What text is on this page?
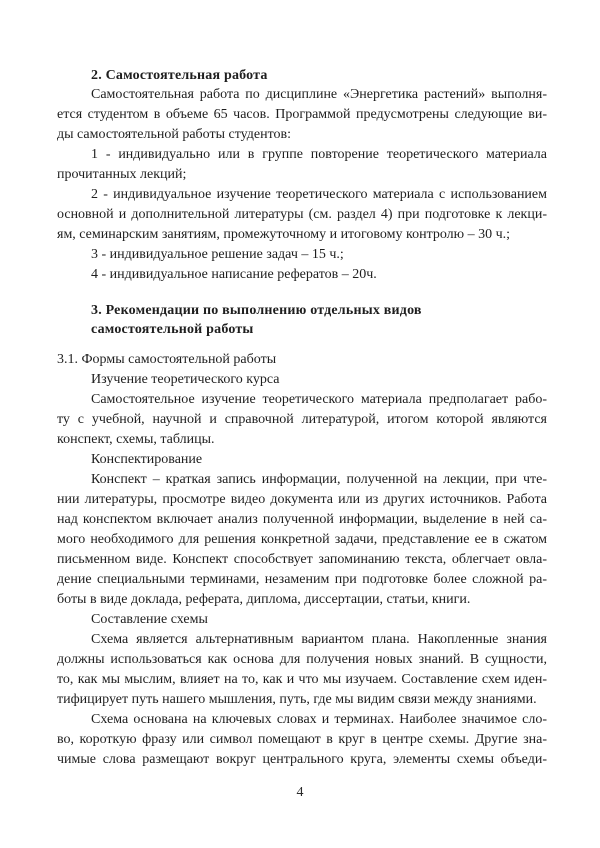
2. Самостоятельная работа
Самостоятельная работа по дисциплине «Энергетика растений» выполня-
ется студентом в объеме 65 часов. Программой предусмотрены следующие ви-
ды самостоятельной работы студентов:
1 - индивидуально или в группе повторение теоретического материала
прочитанных лекций;
2 - индивидуальное изучение теоретического материала с использованием
основной и дополнительной литературы (см. раздел 4) при подготовке к лекци-
ям, семинарским занятиям, промежуточному и итоговому контролю – 30 ч.;
3 - индивидуальное решение задач – 15 ч.;
4 - индивидуальное написание рефератов – 20ч.
3. Рекомендации по выполнению отдельных видов
самостоятельной работы
3.1. Формы самостоятельной работы
Изучение теоретического курса
Самостоятельное изучение теоретического материала предполагает рабо-
ту с учебной, научной и справочной литературой, итогом которой являются
конспект, схемы, таблицы.
Конспектирование
Конспект – краткая запись информации, полученной на лекции, при чте-
нии литературы, просмотре видео документа или из других источников. Работа
над конспектом включает анализ полученной информации, выделение в ней са-
мого необходимого для решения конкретной задачи, представление ее в сжатом
письменном виде. Конспект способствует запоминанию текста, облегчает овла-
дение специальными терминами, незаменим при подготовке более сложной ра-
боты в виде доклада, реферата, диплома, диссертации, статьи, книги.
Составление схемы
Схема является альтернативным вариантом плана. Накопленные знания
должны использоваться как основа для получения новых знаний. В сущности,
то, как мы мыслим, влияет на то, как и что мы изучаем. Составление схем иден-
тифицирует путь нашего мышления, путь, где мы видим связи между знаниями.
Схема основана на ключевых словах и терминах. Наиболее значимое сло-
во, короткую фразу или символ помещают в круг в центре схемы. Другие зна-
чимые слова размещают вокруг центрального круга, элементы схемы объеди-
4
